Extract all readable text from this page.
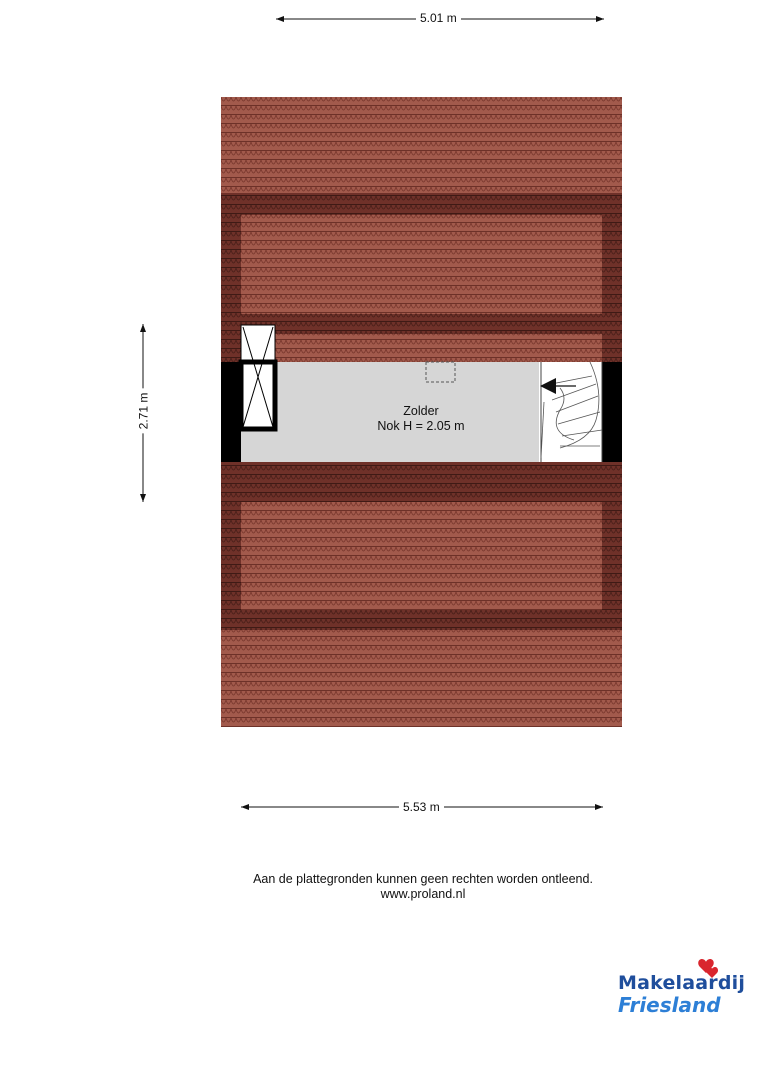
5.01 m
2.71 m	Zolder
Nok H = 2.05 m
5.53 m
Aan de plattegronden kunnen geen rechten worden ontleend.
www.proland.nl
Makelaardij
Friesland
